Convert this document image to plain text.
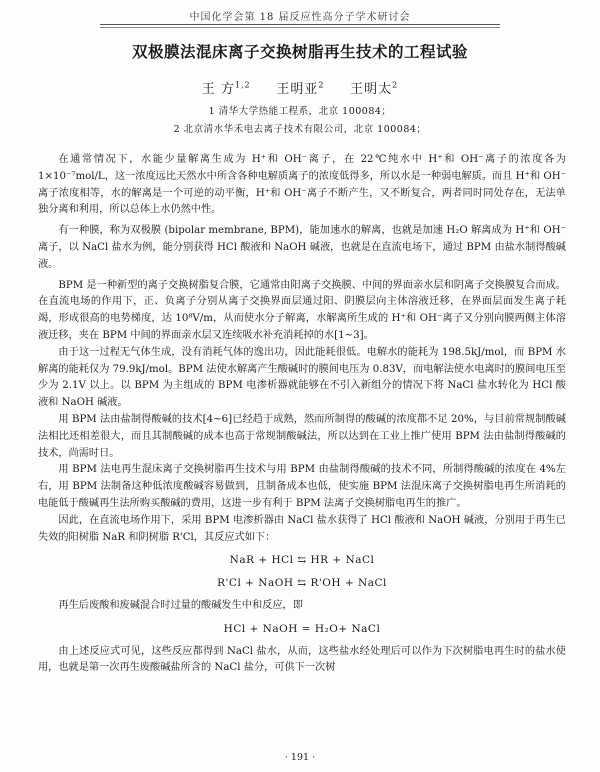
中国化学会第 18 届反应性高分子学术研讨会
双极膜法混床离子交换树脂再生技术的工程试验
王 方$^{1,2}$ 王明亚$^2$ 王明太$^2$
1 清华大学热能工程系，北京 100084；
2 北京清水华禾电去离子技术有限公司，北京 100084；

在通常情况下，水能少量解离生成为 H⁺和 OH⁻离子，在 22℃纯水中 H⁺和 OH⁻离子的浓度各为 1×10⁻⁷mol/L，这一浓度远比天然水中所含各种电解质离子的浓度低得多，所以水是一种弱电解质。而且 H⁺和 OH⁻离子浓度相等，水的解离是一个可逆的动平衡，H⁺和 OH⁻离子不断产生，又不断复合，两者同时同处存在，无法单独分离和利用，所以总体上水仍然中性。

有一种膜，称为双极膜 (bipolar membrane, BPM)，能加速水的解离，也就是加速 H₂O 解离成为 H⁺和 OH⁻离子，以 NaCl 盐水为例，能分别获得 HCl 酸液和 NaOH 碱液，也就是在直流电场下，通过 BPM 由盐水制得酸碱液。

BPM 是一种新型的离子交换树脂复合膜，它通常由阳离子交换膜、中间的界面亲水层和阴离子交换膜复合而成。在直流电场的作用下，正、负离子分别从离子交换界面层通过阳、阴膜层向主体溶液迁移，在界面层面发生离子耗竭，形成很高的电势梯度，达 10⁸V/m，从而使水分子解离，水解离所生成的 H⁺和 OH⁻离子又分别向膜两侧主体溶液迁移，夹在 BPM 中间的界面亲水层又连续吸水补充消耗掉的水[1~3]。

由于这一过程无气体生成，没有消耗气体的逸出功，因此能耗很低。电解水的能耗为 198.5kJ/mol，而 BPM 水解离的能耗仅为 79.9kJ/mol。BPM 法使水解离产生酸碱时的膜间电压为 0.83V，而电解法使水电离时的膜间电压至少为 2.1V 以上。以 BPM 为主组成的 BPM 电渗析器就能够在不引入新组分的情况下将 NaCl 盐水转化为 HCl 酸液和 NaOH 碱液。

用 BPM 法由盐制得酸碱的技术[4~6]已经趋于成熟，然而所制得的酸碱的浓度都不足 20%，与目前常规制酸碱法相比还相差很大，而且其制酸碱的成本也高于常规制酸碱法，所以达到在工业上推广使用 BPM 法由盐制得酸碱的技术，尚需时日。

用 BPM 法电再生混床离子交换树脂再生技术与用 BPM 由盐制得酸碱的技术不同，所制得酸碱的浓度在 4%左右，用 BPM 法制备这种低浓度酸碱容易做到，且制备成本也低，使实施 BPM 法混床离子交换树脂电再生所消耗的电能低于酸碱再生法所购买酸碱的费用，这进一步有利于 BPM 法离子交换树脂电再生的推广。

因此，在直流电场作用下，采用 BPM 电渗析器由 NaCl 盐水获得了 HCl 酸液和 NaOH 碱液，分别用于再生已失效的阳树脂 NaR 和阴树脂 R'Cl，其反应式如下：

NaR + HCl ⇆ HR + NaCl
R'Cl + NaOH ⇆ R'OH + NaCl

再生后废酸和废碱混合时过量的酸碱发生中和反应，即

HCl + NaOH = H₂O+ NaCl

由上述反应式可见，这些反应都得到 NaCl 盐水，从而，这些盐水经处理后可以作为下次树脂电再生时的盐水使用，也就是第一次再生废酸碱盐所含的 NaCl 盐分，可供下一次树

· 191 ·
